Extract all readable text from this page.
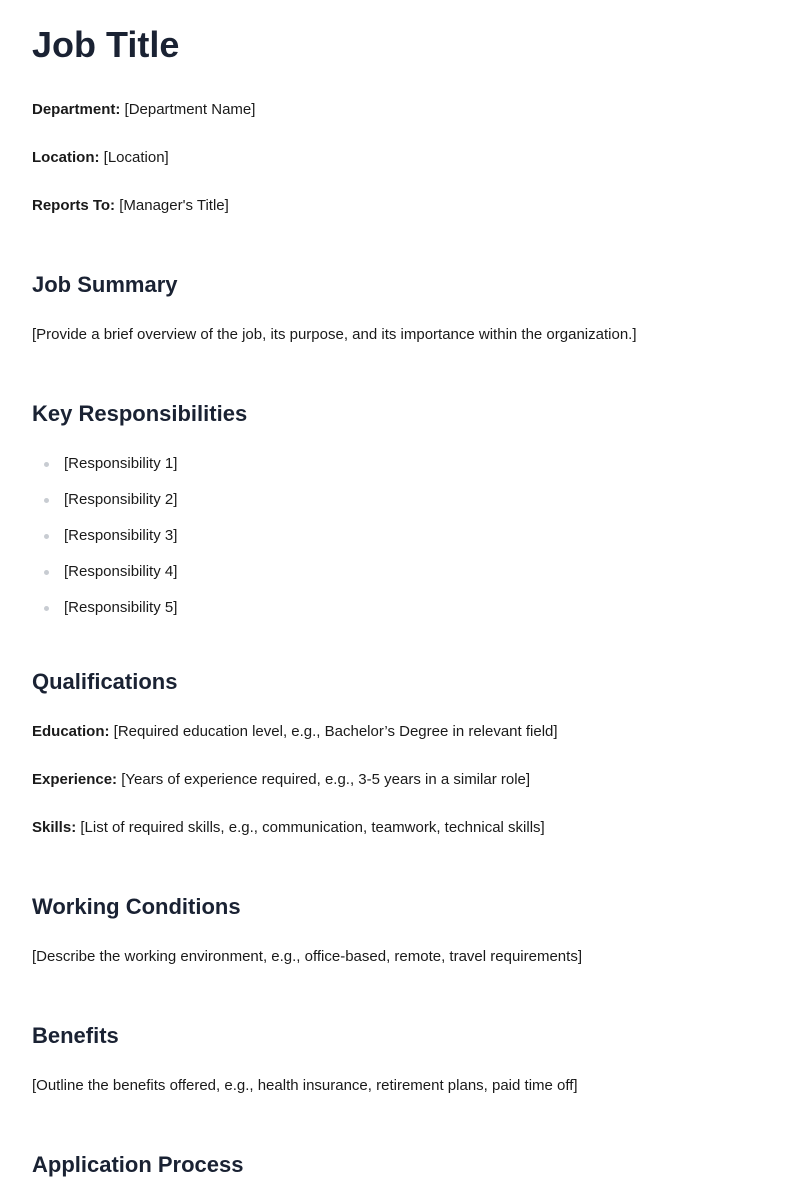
Job Title

Department: [Department Name]

Location: [Location]

Reports To: [Manager's Title]

Job Summary

[Provide a brief overview of the job, its purpose, and its importance within the organization.]

Key Responsibilities
[Responsibility 1]
[Responsibility 2]
[Responsibility 3]
[Responsibility 4]
[Responsibility 5]
Qualifications

Education: [Required education level, e.g., Bachelor’s Degree in relevant field]

Experience: [Years of experience required, e.g., 3-5 years in a similar role]

Skills: [List of required skills, e.g., communication, teamwork, technical skills]

Working Conditions

[Describe the working environment, e.g., office-based, remote, travel requirements]

Benefits

[Outline the benefits offered, e.g., health insurance, retirement plans, paid time off]

Application Process
